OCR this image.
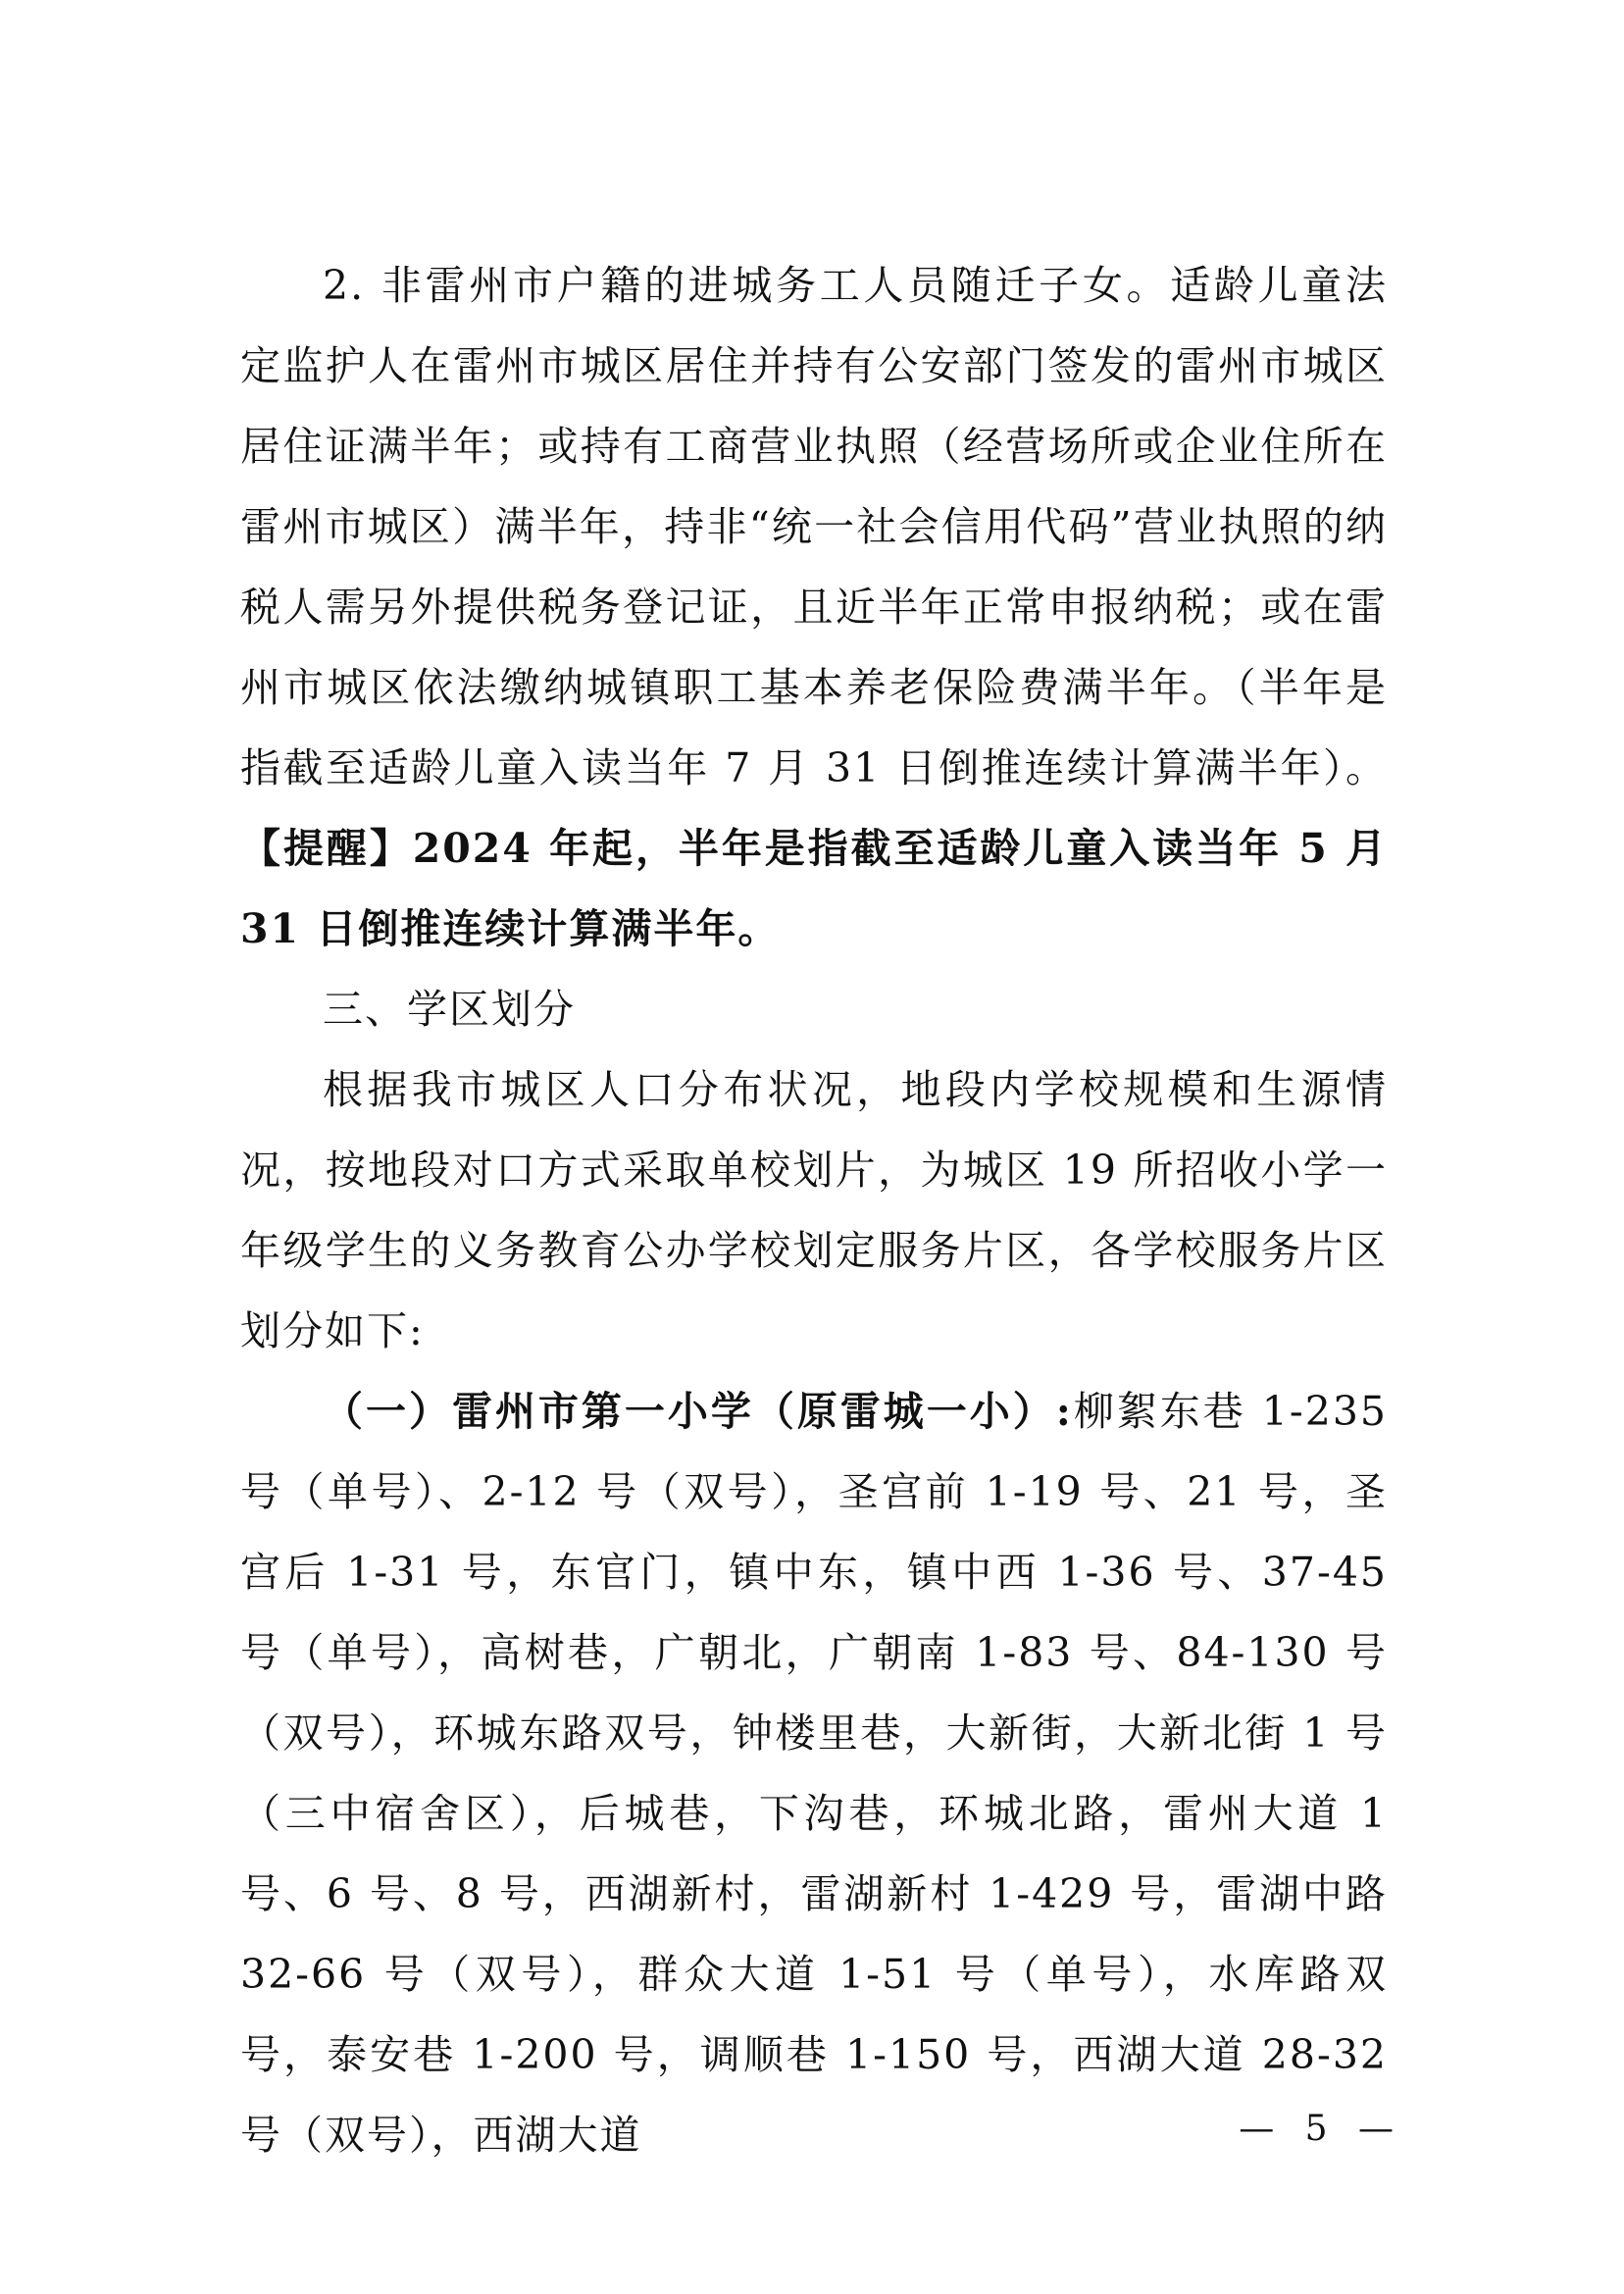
2. 非雷州市户籍的进城务工人员随迁子女。适龄儿童法定监护人在雷州市城区居住并持有公安部门签发的雷州市城区居住证满半年；或持有工商营业执照（经营场所或企业住所在雷州市城区）满半年，持非“统一社会信用代码”营业执照的纳税人需另外提供税务登记证，且近半年正常申报纳税；或在雷州市城区依法缴纳城镇职工基本养老保险费满半年。（半年是指截至适龄儿童入读当年 7 月 31 日倒推连续计算满半年）。【提醒】2024 年起，半年是指截至适龄儿童入读当年 5 月 31 日倒推连续计算满半年。

三、学区划分

根据我市城区人口分布状况，地段内学校规模和生源情况，按地段对口方式采取单校划片，为城区 19 所招收小学一年级学生的义务教育公办学校划定服务片区，各学校服务片区划分如下:

（一）雷州市第一小学（原雷城一小）:柳絮东巷 1-235 号（单号）、2-12 号（双号），圣宫前 1-19 号、21 号，圣宫后 1-31 号，东官门，镇中东，镇中西 1-36 号、37-45 号（单号），高树巷，广朝北，广朝南 1-83 号、84-130 号（双号），环城东路双号，钟楼里巷，大新街，大新北街 1 号（三中宿舍区），后城巷，下沟巷，环城北路，雷州大道 1 号、6 号、8 号，西湖新村，雷湖新村 1-429 号，雷湖中路 32-66 号（双号），群众大道 1-51 号（单号），水库路双号，泰安巷 1-200 号，调顺巷 1-150 号，西湖大道 28-32 号（双号），西湖大道	— 5 —
